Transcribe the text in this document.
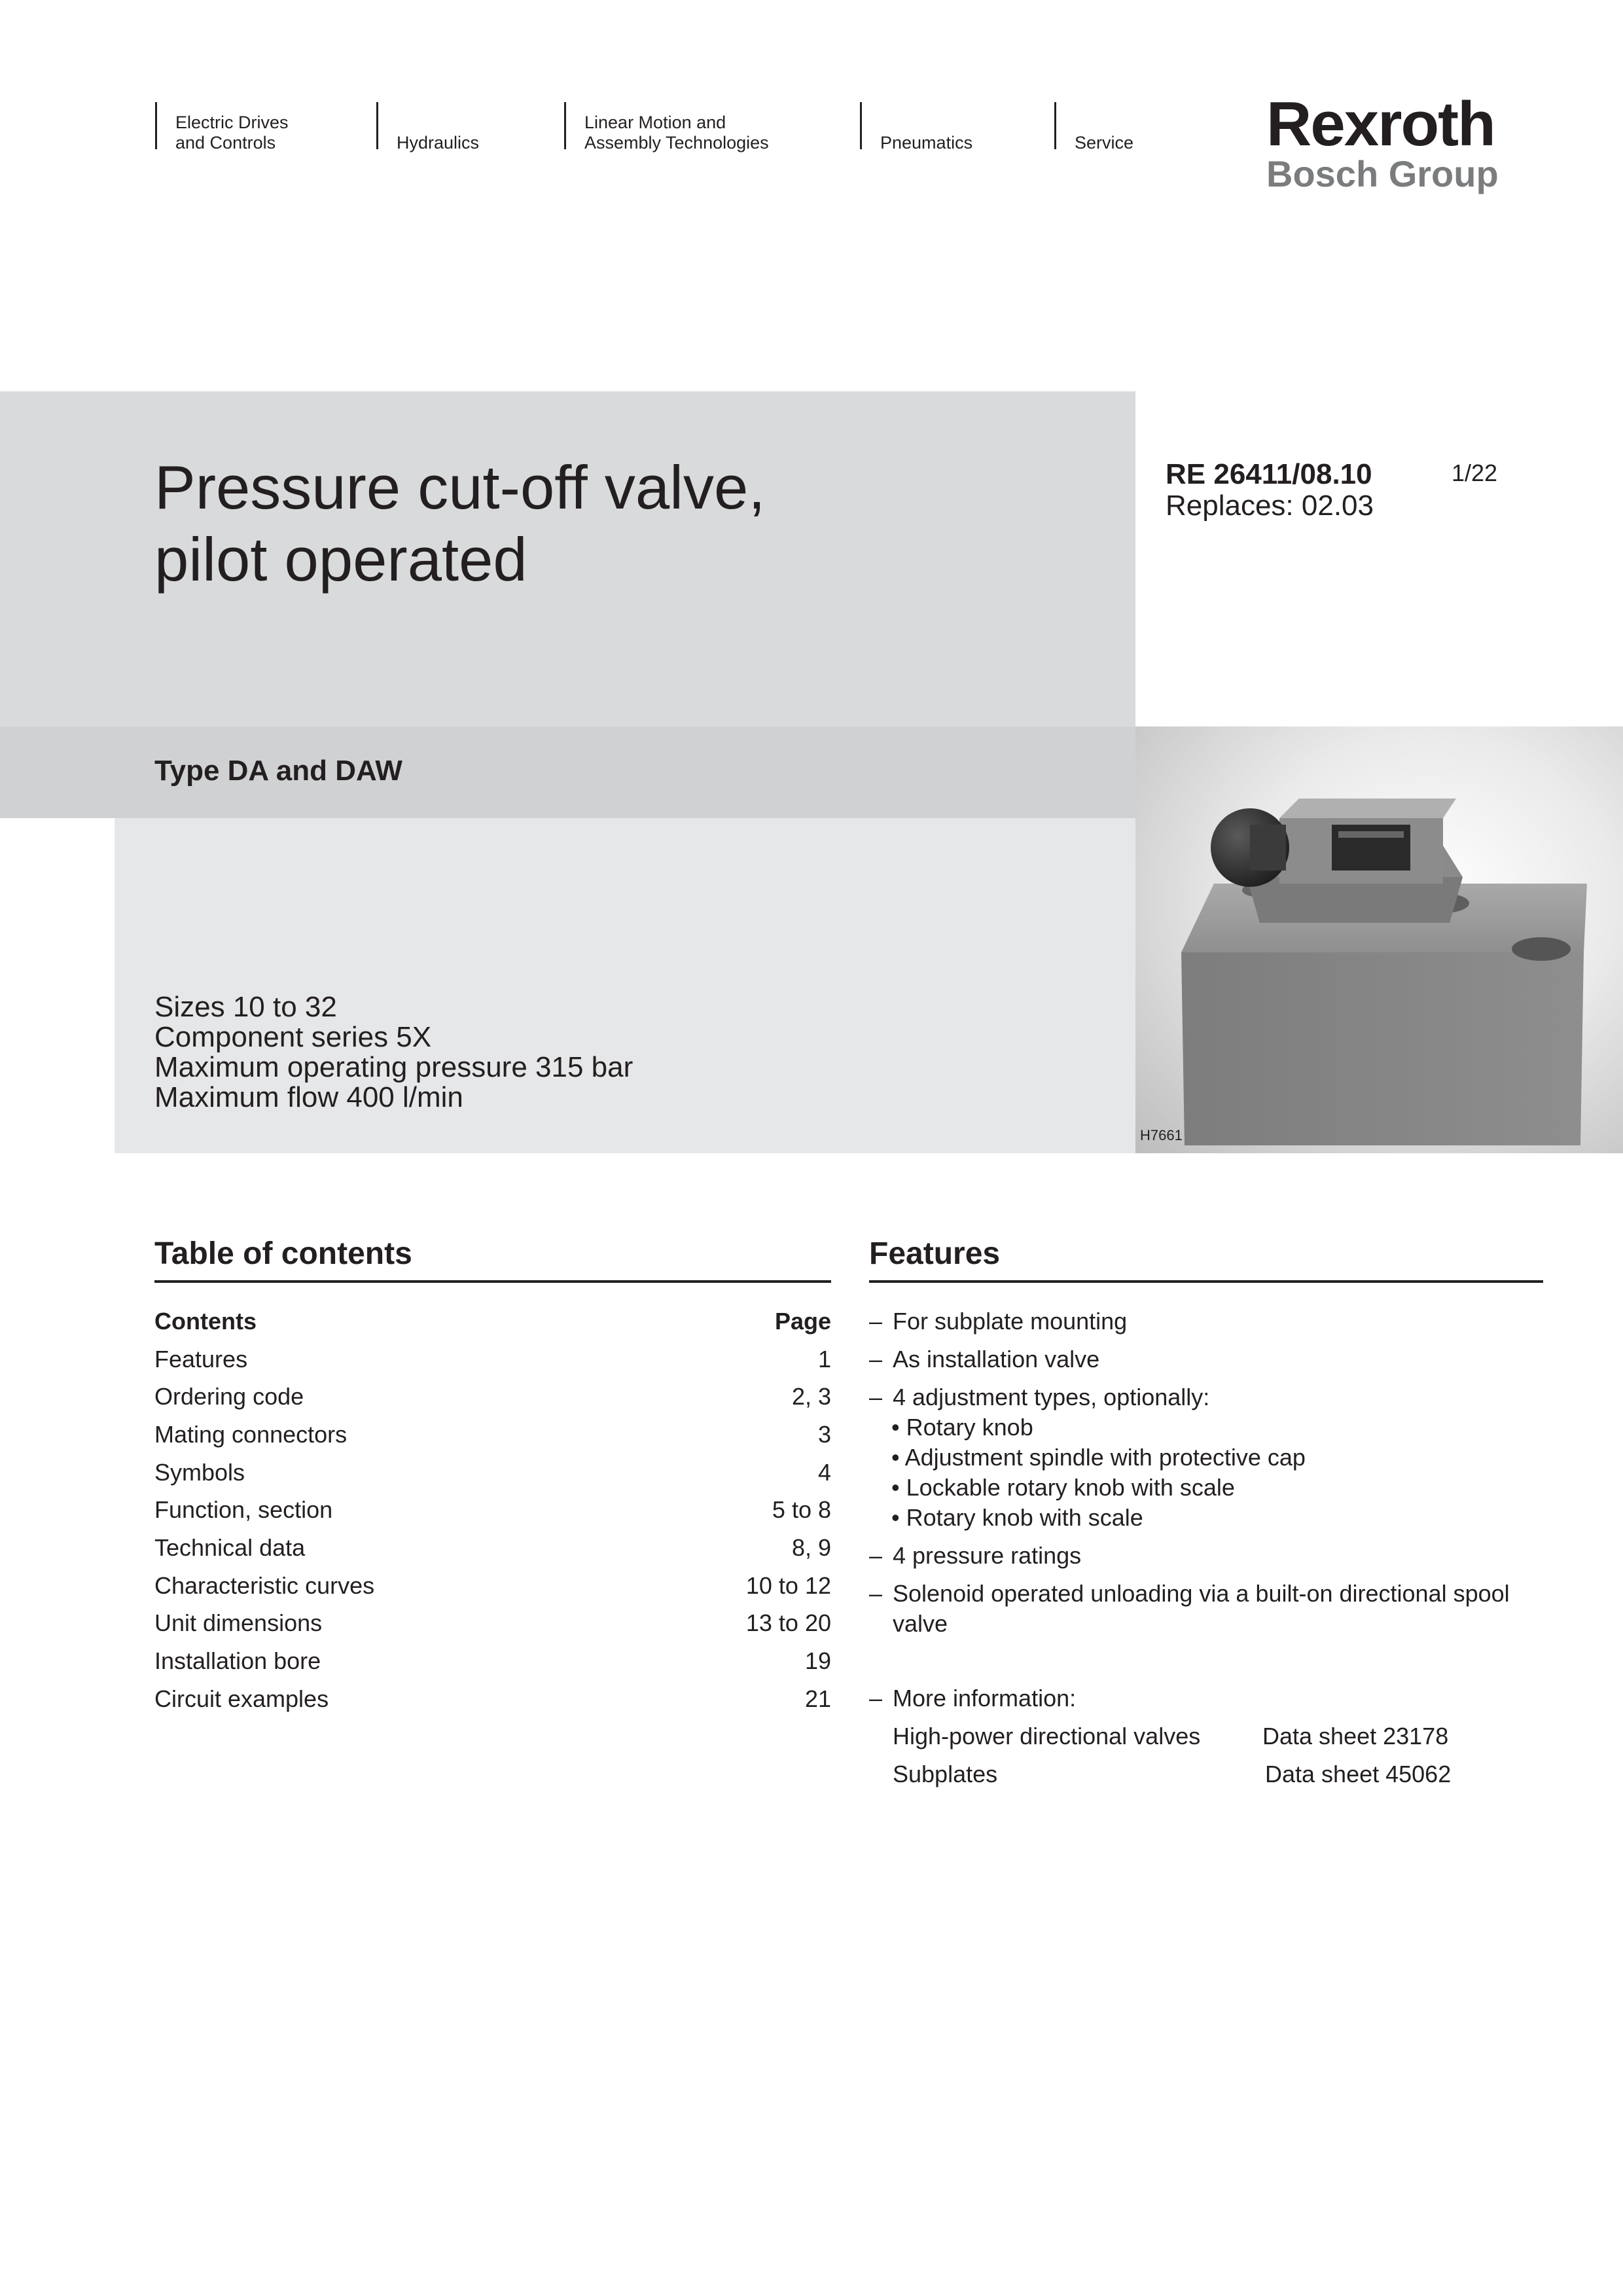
Electric Drives
and Controls	Hydraulics
Linear Motion and
Assembly Technologies	Pneumatics	Service Rexroth
Bosch Group
Pressure cut-off valve,
pilot operated
RE 26411/08.10
Replaces: 02.03
1/22
Type DA and DAW
Sizes 10 to 32
Component series 5X
Maximum operating pressure 315 bar
Maximum flow 400 l/min
H7661
Table of contents
Contents	Page
Features	1
Ordering code	2, 3
Mating connectors	3
Symbols	4
Function, section	5 to 8
Technical data	8, 9
Characteristic curves	10 to 12
Unit dimensions	13 to 20
Installation bore	19
Circuit examples	21
Features
– For subplate mounting
– As installation valve
– 4 adjustment types, optionally:
• Rotary knob
• Adjustment spindle with protective cap
• Lockable rotary knob with scale
• Rotary knob with scale
– 4 pressure ratings
– Solenoid operated unloading via a built-on directional spool valve
– More information:
High-power directional valves	Data sheet 23178
Subplates	Data sheet 45062
